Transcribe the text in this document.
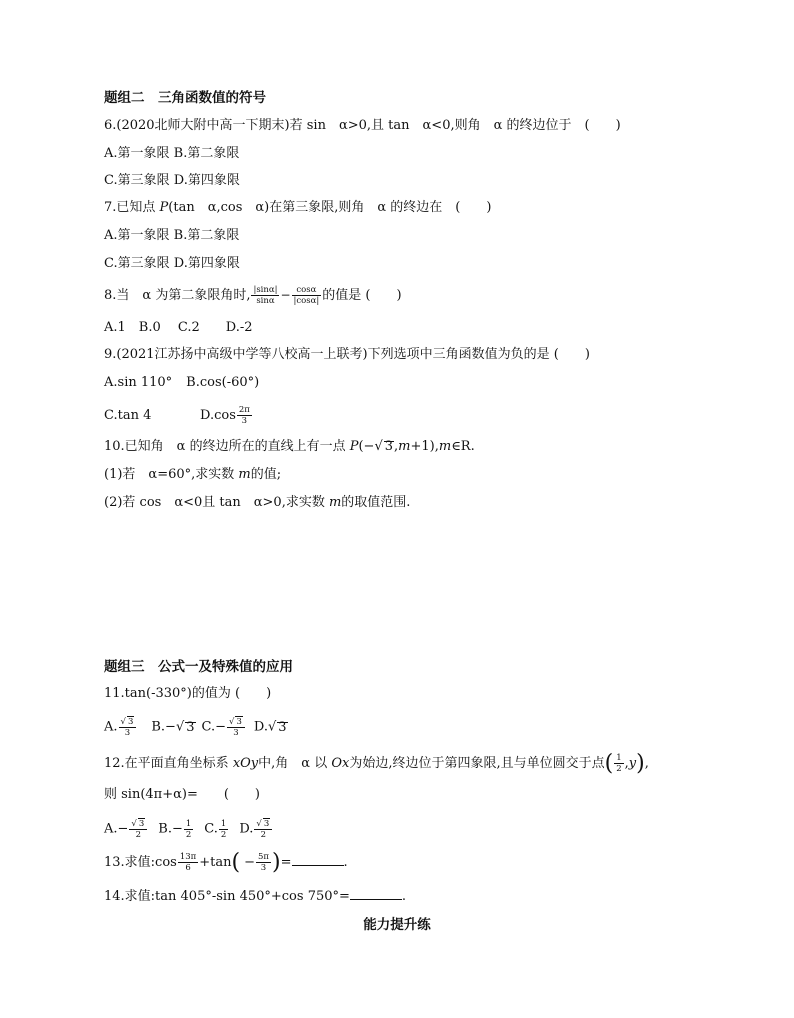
题组二　三角函数值的符号
6.(2020北师大附中高一下期末)若 sin　α>0,且 tan　α<0,则角　α 的终边位于　(　　)
A.第一象限 B.第二象限
C.第三象限 D.第四象限
7.已知点 P(tan　α,cos　α)在第三象限,则角　α 的终边在　(　　)
A.第一象限 B.第二象限
C.第三象限 D.第四象限
8.当　α 为第二象限角时, $\frac{|\sin\alpha|}{\sin\alpha} - \frac{\cos\alpha}{|\cos\alpha|}$ 的值是 (　　)
A.1　B.0　 C.2　　D.-2
9.(2021江苏扬中高级中学等八校高一上联考)下列选项中三角函数值为负的是 (　　)
A.sin 110° B.cos(-60°)
C.tan 4	$D.\cos \frac{2\pi}{3}$
10.已知角　α 的终边所在的直线上有一点 P(−√ 3,m+1),m∈R.
(1)若　α=60°,求实数 m的值;
(2)若 cos　α<0且 tan　α>0,求实数 m的取值范围.
题组三　公式一及特殊值的应用
11.tan(-330°)的值为 (　　)
A. $\frac{√ 3}{3} B.-√$ 3 $C.- \frac{√ 3}{3} D.√$ 3
12.在平面直角坐标系 xOy中,角　α 以 Ox为始边,终边位于第四象限,且与单位圆交于点( $\frac{1}{2} ,y$),
则 sin(4π+α)=　　(　　)
$A.- \frac{√ 3}{2} B.- \frac{1}{2} C$. $\frac{1}{2} D$. $\frac{√ 3}{2}$
13.求值:cos $\frac{13\pi}{6} +\tan( - \frac{5\pi}{3}$ )=	.
14.求值:tan 405°-sin 450°+cos 750°=	.
能力提升练
